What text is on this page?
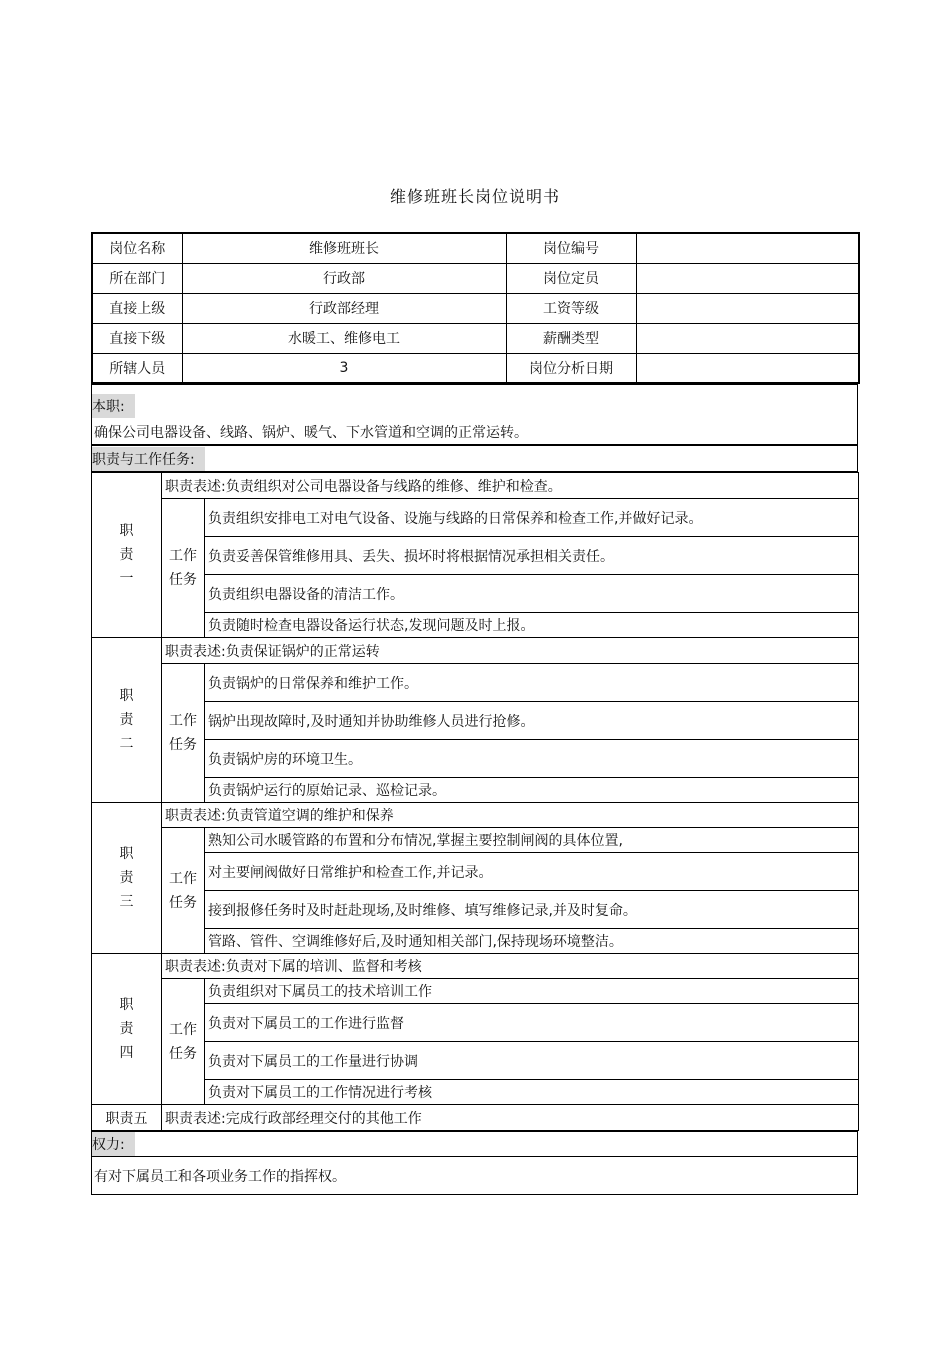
维修班班长岗位说明书
岗位名称	维修班班长	岗位编号	
所在部门	行政部	岗位定员	
直接上级	行政部经理	工资等级	
直接下级	水暖工、维修电工	薪酬类型	
所辖人员	3	岗位分析日期	
本职:
确保公司电器设备、线路、锅炉、暖气、下水管道和空调的正常运转。
职责与工作任务:
职责一	职责表述:负责组织对公司电器设备与线路的维修、维护和检查。	

	工作任务	负责组织安排电工对电气设备、设施与线路的日常保养和检查工作,并做好记录。
		负责妥善保管维修用具、丢失、损坏时将根据情况承担相关责任。
		负责组织电器设备的清洁工作。
		负责随时检查电器设备运行状态,发现问题及时上报。

职责二	职责表述:负责保证锅炉的正常运转	

	工作任务	负责锅炉的日常保养和维护工作。
		锅炉出现故障时,及时通知并协助维修人员进行抢修。
		负责锅炉房的环境卫生。
		负责锅炉运行的原始记录、巡检记录。

职责三	职责表述:负责管道空调的维护和保养	

	工作任务	熟知公司水暖管路的布置和分布情况,掌握主要控制闸阀的具体位置,
		对主要闸阀做好日常维护和检查工作,并记录。
		接到报修任务时及时赶赴现场,及时维修、填写维修记录,并及时复命。
		管路、管件、空调维修好后,及时通知相关部门,保持现场环境整洁。

职责四	职责表述:负责对下属的培训、监督和考核	

	工作任务	负责组织对下属员工的技术培训工作
		负责对下属员工的工作进行监督
		负责对下属员工的工作量进行协调
		负责对下属员工的工作情况进行考核
职责五	职责表述:完成行政部经理交付的其他工作	
权力:
有对下属员工和各项业务工作的指挥权。
